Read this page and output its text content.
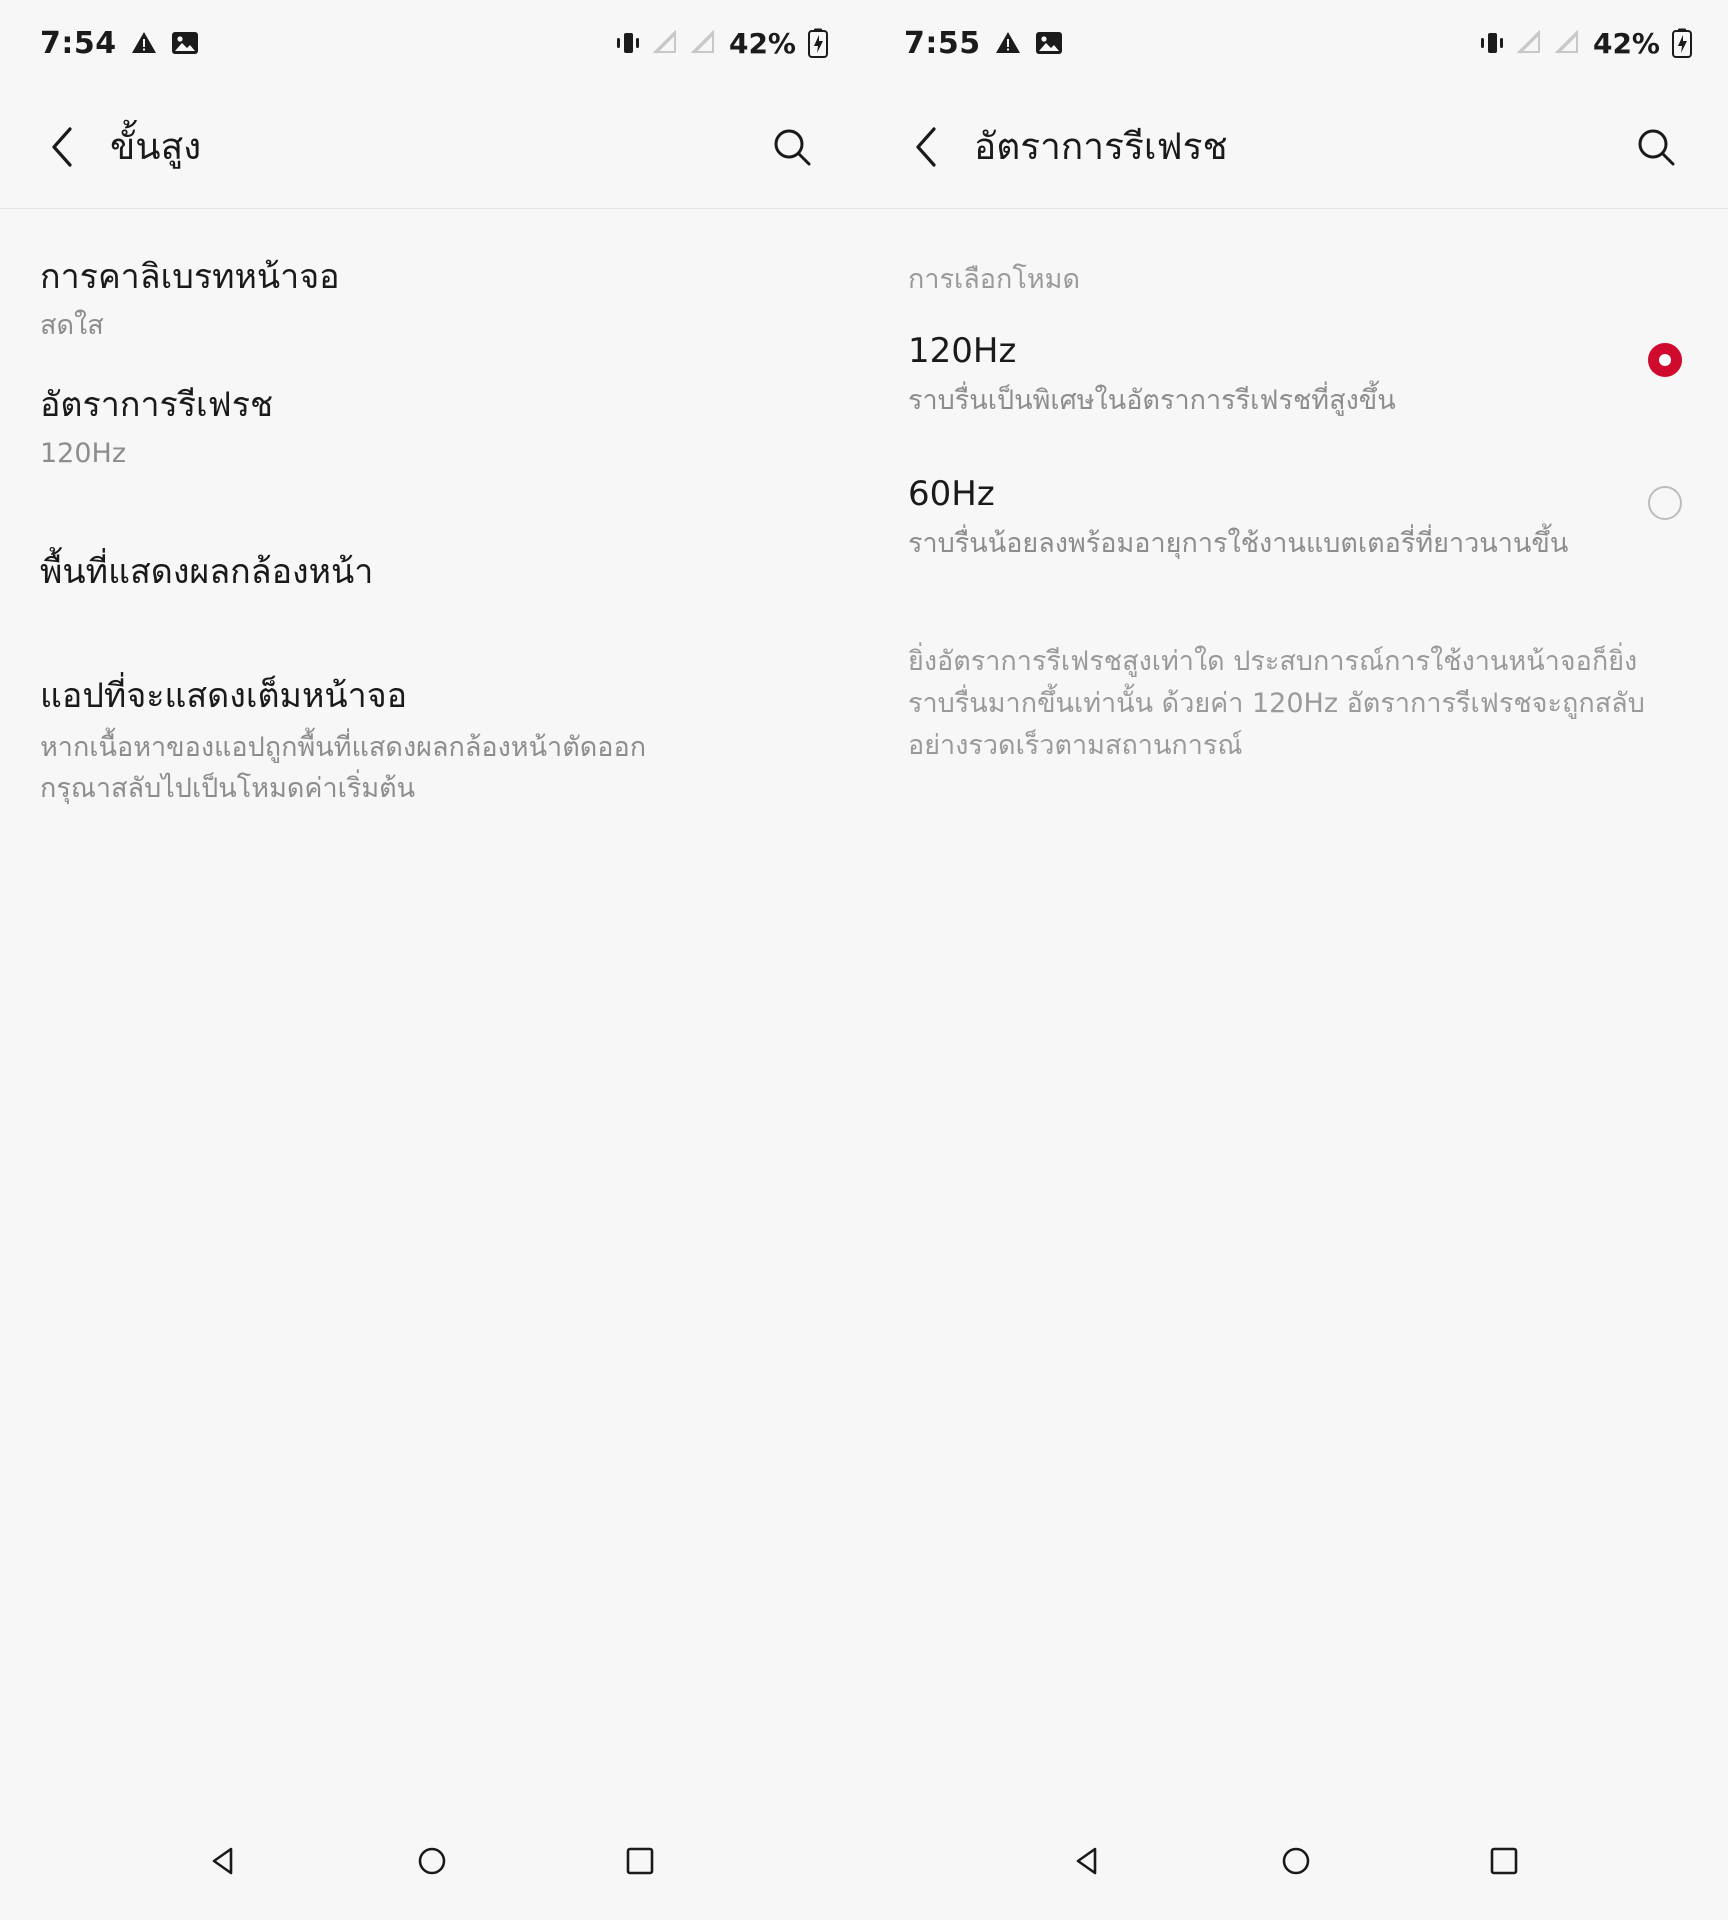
7:54	42%
ขั้นสูง
การคาลิเบรทหน้าจอ
สดใส
อัตราการรีเฟรช
120Hz
พื้นที่แสดงผลกล้องหน้า
แอปที่จะแสดงเต็มหน้าจอ
หากเนื้อหาของแอปถูกพื้นที่แสดงผลกล้องหน้าตัดออก กรุณาสลับไปเป็นโหมดค่าเริ่มต้น
7:55	42%
อัตราการรีเฟรช
การเลือกโหมด
120Hz
ราบรื่นเป็นพิเศษในอัตราการรีเฟรชที่สูงขึ้น
60Hz
ราบรื่นน้อยลงพร้อมอายุการใช้งานแบตเตอรี่ที่ยาวนานขึ้น
ยิ่งอัตราการรีเฟรชสูงเท่าใด ประสบการณ์การใช้งานหน้าจอก็ยิ่งราบรื่นมากขึ้นเท่านั้น ด้วยค่า 120Hz อัตราการรีเฟรชจะถูกสลับอย่างรวดเร็วตามสถานการณ์
